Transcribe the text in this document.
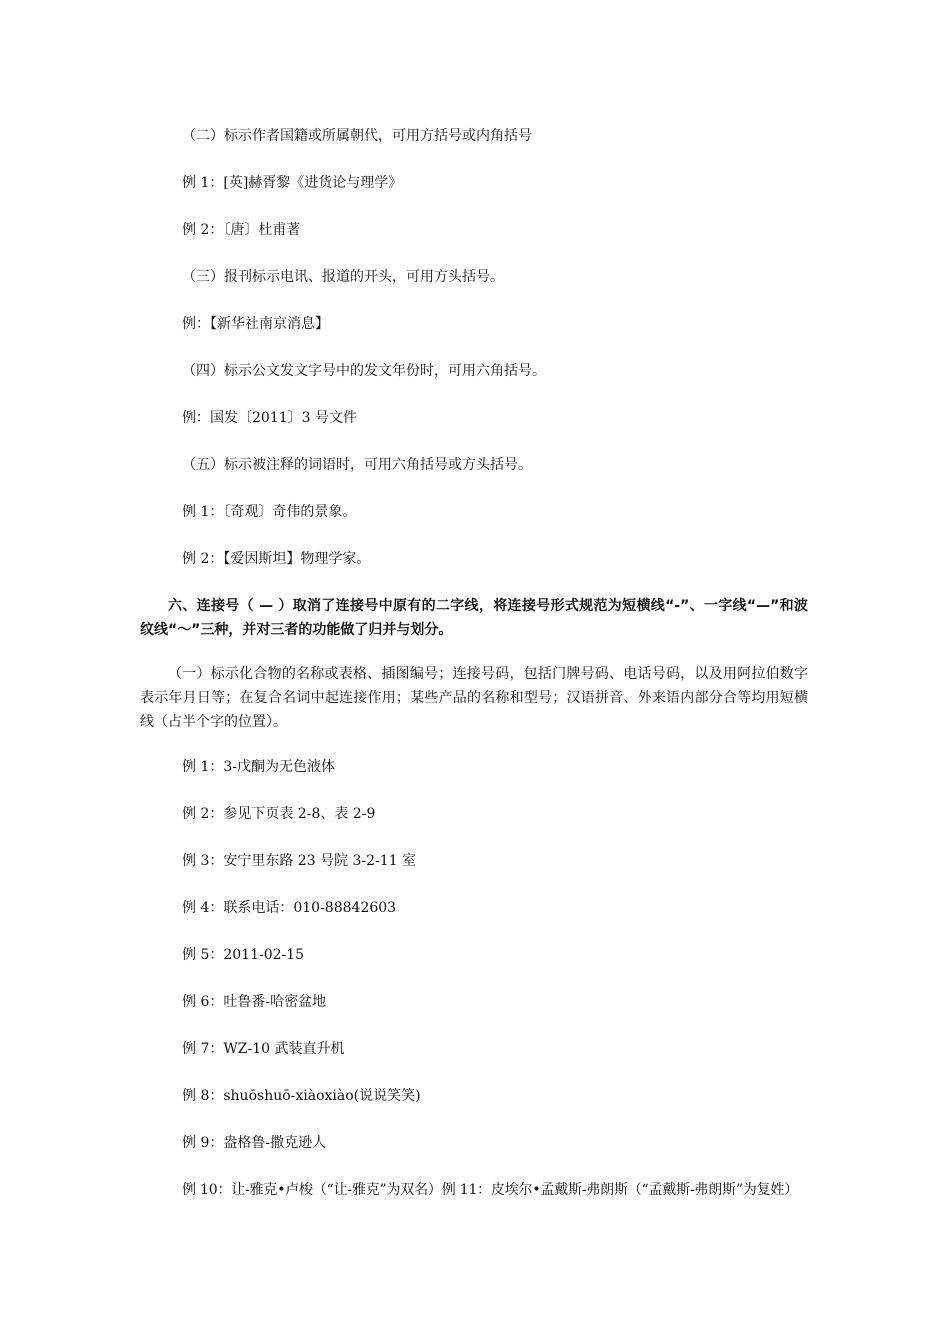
（二）标示作者国籍或所属朝代，可用方括号或内角括号

例 1：[英]赫胥黎《进货论与理学》

例 2：〔唐〕杜甫著

（三）报刊标示电讯、报道的开头，可用方头括号。

例：【新华社南京消息】

（四）标示公文发文字号中的发文年份时，可用六角括号。

例：国发〔2011〕3 号文件

（五）标示被注释的词语时，可用六角括号或方头括号。

例 1：〔奇观〕奇伟的景象。

例 2：【爱因斯坦】物理学家。

六、连接号（ — ）取消了连接号中原有的二字线，将连接号形式规范为短横线“-”、一字线“—”和波纹线“～”三种，并对三者的功能做了归并与划分。

（一）标示化合物的名称或表格、插图编号；连接号码，包括门牌号码、电话号码，以及用阿拉伯数字表示年月日等；在复合名词中起连接作用；某些产品的名称和型号；汉语拼音、外来语内部分合等均用短横线（占半个字的位置）。

例 1：3-戊酮为无色液体

例 2：参见下页表 2-8、表 2-9

例 3：安宁里东路 23 号院 3-2-11 室

例 4：联系电话：010-88842603

例 5：2011-02-15

例 6：吐鲁番-哈密盆地

例 7：WZ-10 武装直升机

例 8：shuōshuō-xiàoxiào(说说笑笑)

例 9：盎格鲁-撒克逊人

例 10：让-雅克•卢梭（“让-雅克”为双名）例 11：皮埃尔•孟戴斯-弗朗斯（“孟戴斯-弗朗斯”为复姓）
